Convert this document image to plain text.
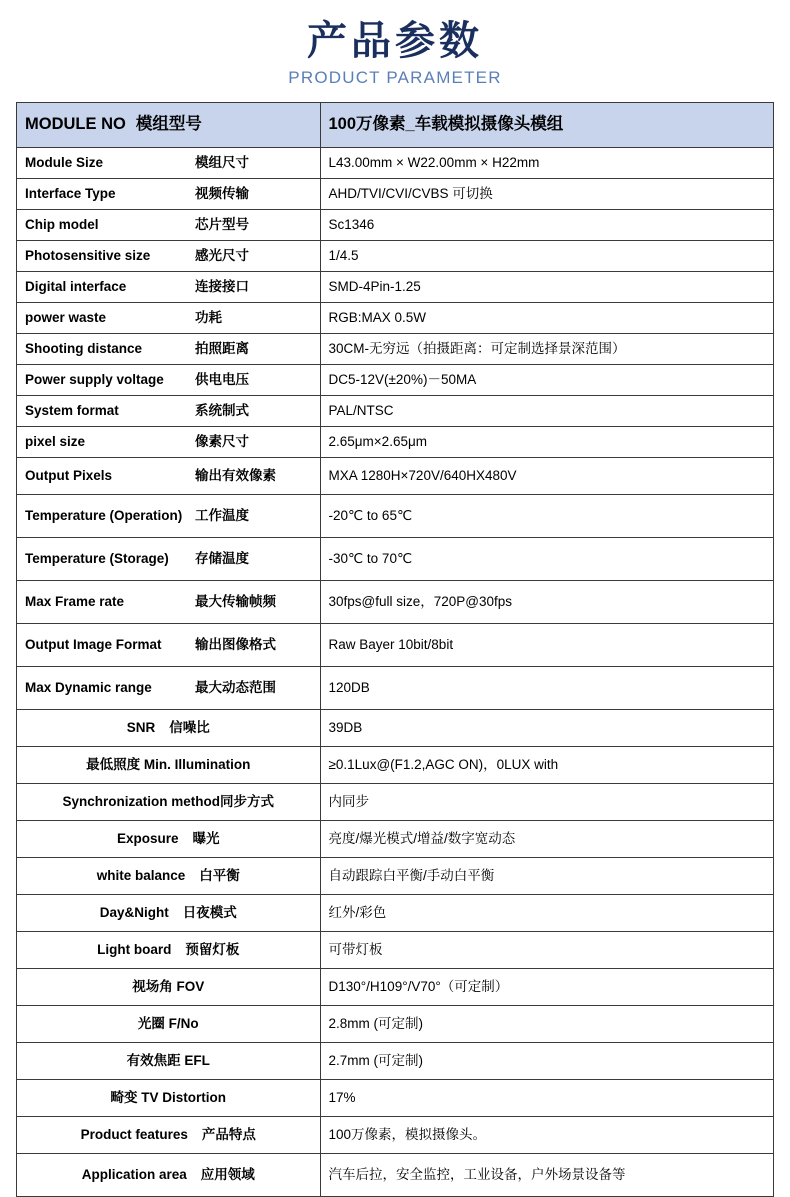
产品参数
PRODUCT PARAMETER
MODULE NO 模组型号	100万像素_车载模拟摄像头模组

Module Size 模组尺寸	L43.00mm × W22.00mm × H22mm

Interface Type 视频传输	AHD/TVI/CVI/CVBS 可切换

Chip model 芯片型号	Sc1346

Photosensitive size 感光尺寸	1/4.5

Digital interface 连接接口	SMD-4Pin-1.25

power waste 功耗	RGB:MAX 0.5W

Shooting distance 拍照距离	30CM-无穷远（拍摄距离：可定制选择景深范围）

Power supply voltage 供电电压	DC5-12V(±20%)－50MA

System format 系统制式	PAL/NTSC

pixel size 像素尺寸	2.65μm×2.65μm

Output Pixels 输出有效像素	MXA 1280H×720V/640HX480V

Temperature (Operation) 工作温度	-20℃ to 65℃

Temperature (Storage) 存储温度	-30℃ to 70℃

Max Frame rate 最大传输帧频	30fps@full size，720P@30fps

Output Image Format 输出图像格式	Raw Bayer 10bit/8bit

Max Dynamic range 最大动态范围	120DB

SNR 信噪比	39DB

最低照度 Min. Illumination	≥0.1Lux@(F1.2,AGC ON)，0LUX with

Synchronization method同步方式	内同步

Exposure 曝光	亮度/爆光模式/增益/数字宽动态

white balance 白平衡	自动跟踪白平衡/手动白平衡

Day&Night 日夜模式	红外/彩色

Light board 预留灯板	可带灯板

视场角 FOV	D130°/H109°/V70°（可定制）

光圈 F/No	2.8mm (可定制)

有效焦距 EFL	2.7mm (可定制)

畸变 TV Distortion	17%

Product features 产品特点	100万像素，模拟摄像头。

Application area 应用领域	汽车后拉，安全监控，工业设备，户外场景设备等
